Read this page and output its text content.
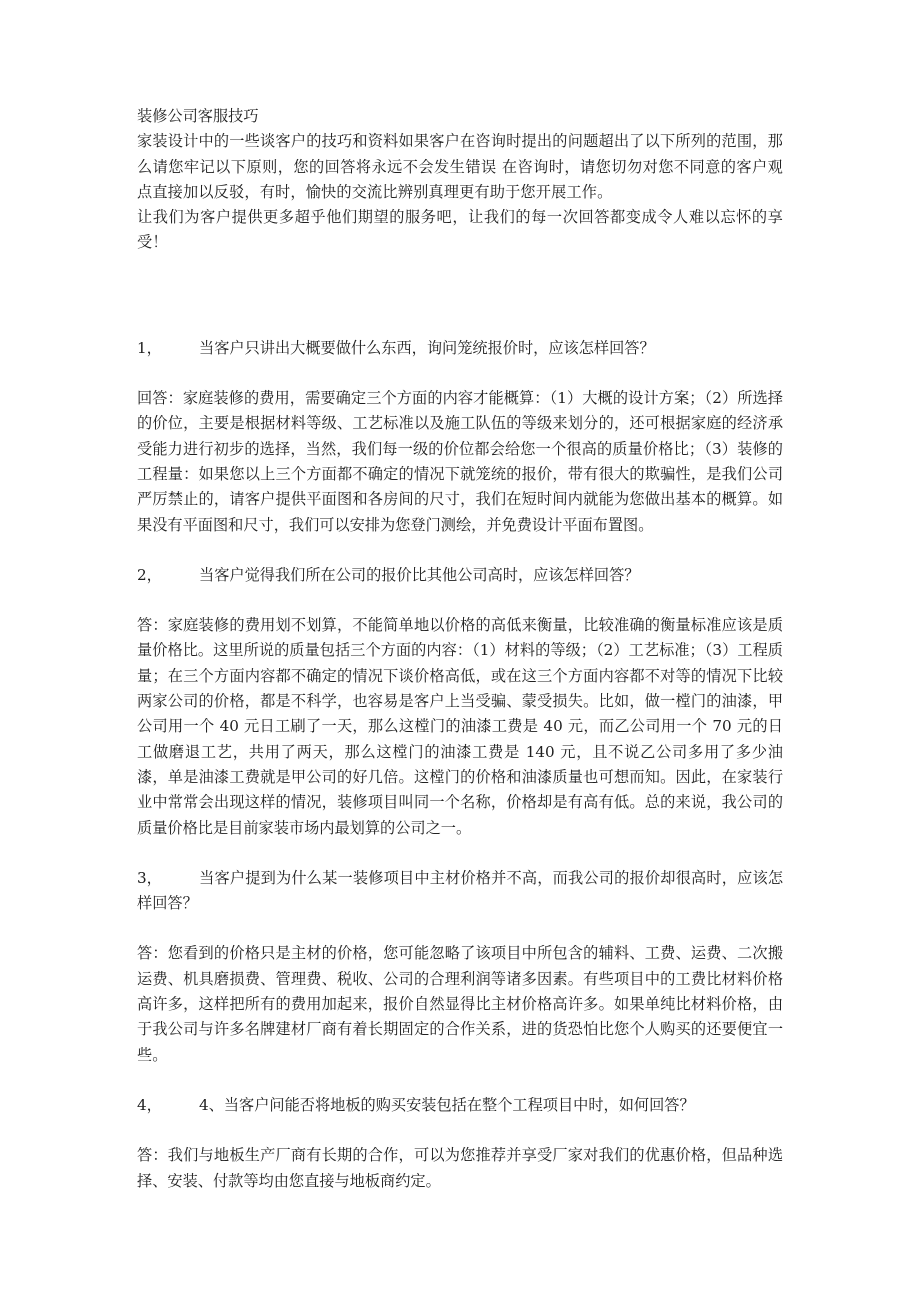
装修公司客服技巧

家装设计中的一些谈客户的技巧和资料如果客户在咨询时提出的问题超出了以下所列的范围，那么请您牢记以下原则，您的回答将永远不会发生错误 在咨询时，请您切勿对您不同意的客户观点直接加以反驳，有时，愉快的交流比辨别真理更有助于您开展工作。

让我们为客户提供更多超乎他们期望的服务吧，让我们的每一次回答都变成令人难以忘怀的享受！

1， 当客户只讲出大概要做什么东西，询问笼统报价时，应该怎样回答？

回答：家庭装修的费用，需要确定三个方面的内容才能概算：（1）大概的设计方案；（2）所选择的价位，主要是根据材料等级、工艺标准以及施工队伍的等级来划分的，还可根据家庭的经济承受能力进行初步的选择，当然，我们每一级的价位都会给您一个很高的质量价格比；（3）装修的工程量：如果您以上三个方面都不确定的情况下就笼统的报价，带有很大的欺骗性，是我们公司严厉禁止的，请客户提供平面图和各房间的尺寸，我们在短时间内就能为您做出基本的概算。如果没有平面图和尺寸，我们可以安排为您登门测绘，并免费设计平面布置图。

2， 当客户觉得我们所在公司的报价比其他公司高时，应该怎样回答？

答：家庭装修的费用划不划算，不能简单地以价格的高低来衡量，比较准确的衡量标准应该是质量价格比。这里所说的质量包括三个方面的内容：（1）材料的等级；（2）工艺标准；（3）工程质量；在三个方面内容都不确定的情况下谈价格高低，或在这三个方面内容都不对等的情况下比较两家公司的价格，都是不科学，也容易是客户上当受骗、蒙受损失。比如，做一樘门的油漆，甲公司用一个 40 元日工刷了一天，那么这樘门的油漆工费是 40 元，而乙公司用一个 70 元的日工做磨退工艺，共用了两天，那么这樘门的油漆工费是 140 元，且不说乙公司多用了多少油漆，单是油漆工费就是甲公司的好几倍。这樘门的价格和油漆质量也可想而知。因此，在家装行业中常常会出现这样的情况，装修项目叫同一个名称，价格却是有高有低。总的来说，我公司的质量价格比是目前家装市场内最划算的公司之一。

3， 当客户提到为什么某一装修项目中主材价格并不高，而我公司的报价却很高时，应该怎样回答？

答：您看到的价格只是主材的价格，您可能忽略了该项目中所包含的辅料、工费、运费、二次搬运费、机具磨损费、管理费、税收、公司的合理利润等诸多因素。有些项目中的工费比材料价格高许多，这样把所有的费用加起来，报价自然显得比主材价格高许多。如果单纯比材料价格，由于我公司与许多名牌建材厂商有着长期固定的合作关系，进的货恐怕比您个人购买的还要便宜一些。

4， 4、当客户问能否将地板的购买安装包括在整个工程项目中时，如何回答？

答：我们与地板生产厂商有长期的合作，可以为您推荐并享受厂家对我们的优惠价格，但品种选择、安装、付款等均由您直接与地板商约定。
